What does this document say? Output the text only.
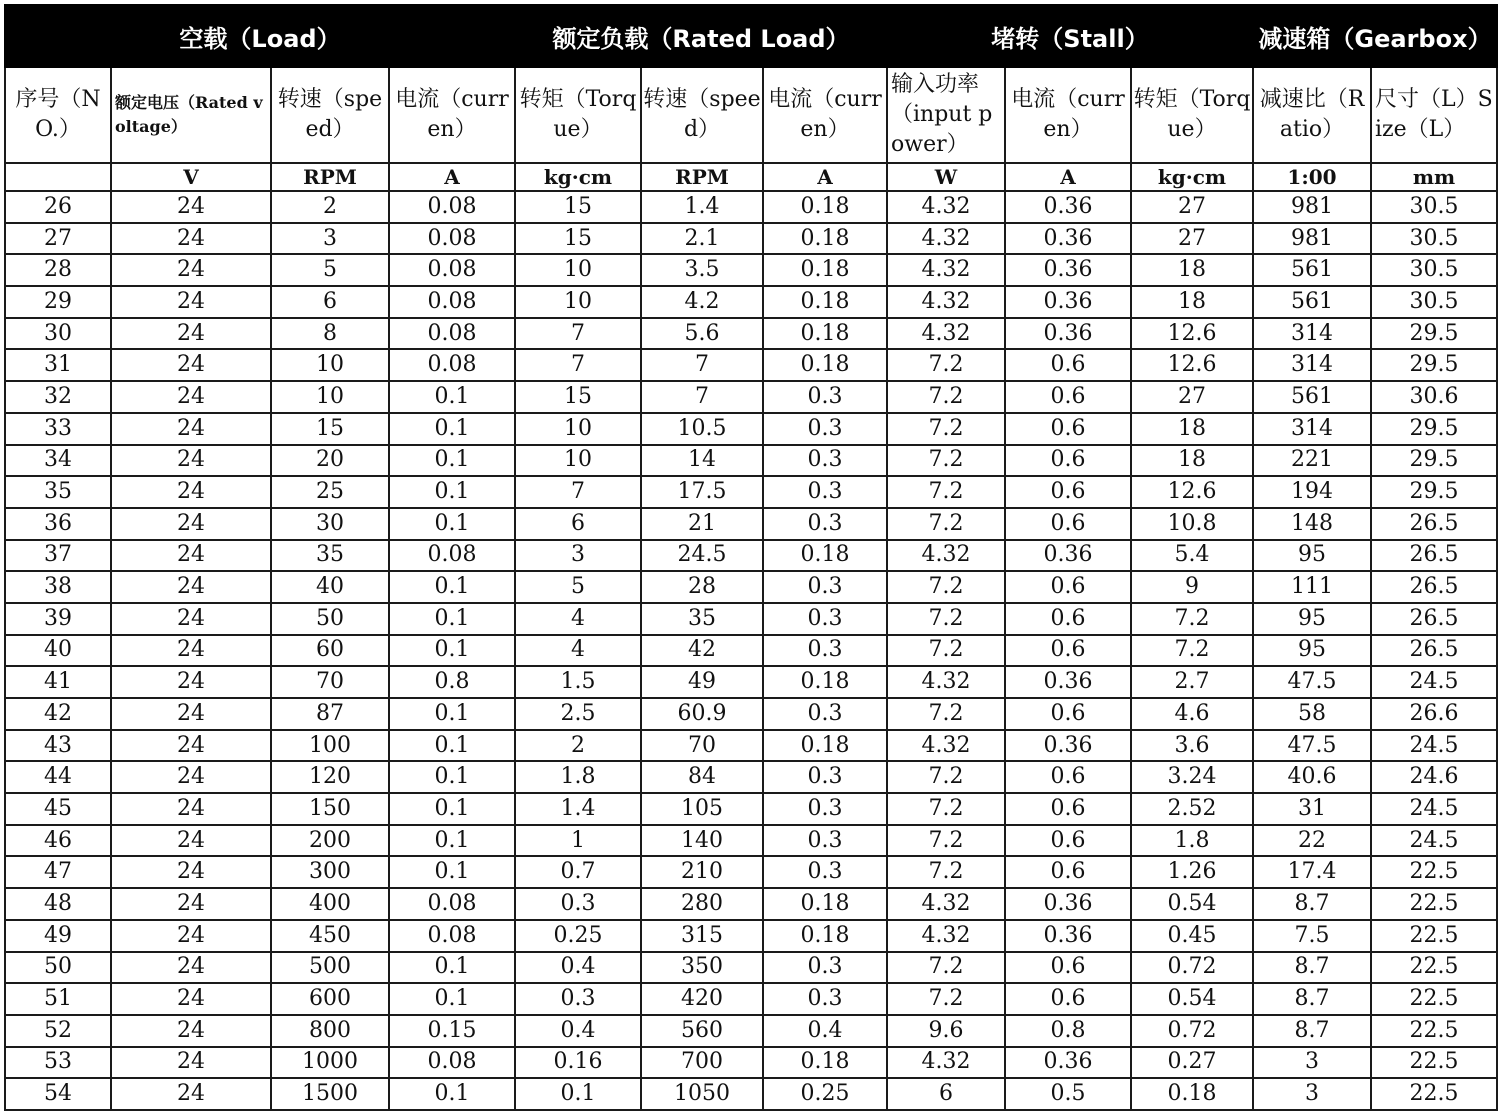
空载（Load）				额定负载（Rated Load）			堵转（Stall）			减速箱（Gearbox）	
序号（NO.）	额定电压（Rated voltage）	转速（speed）	电流（curren）	转矩（Torque）	转速（speed）	电流（curren）	输入功率（input power）	电流（curren）	转矩（Torque）	减速比（Ratio）	尺寸（L）Size（L）
	V	RPM	A	kg·cm	RPM	A	W	A	kg·cm	1:00	mm
26	24	2	0.08	15	1.4	0.18	4.32	0.36	27	981	30.5
27	24	3	0.08	15	2.1	0.18	4.32	0.36	27	981	30.5
28	24	5	0.08	10	3.5	0.18	4.32	0.36	18	561	30.5
29	24	6	0.08	10	4.2	0.18	4.32	0.36	18	561	30.5
30	24	8	0.08	7	5.6	0.18	4.32	0.36	12.6	314	29.5
31	24	10	0.08	7	7	0.18	7.2	0.6	12.6	314	29.5
32	24	10	0.1	15	7	0.3	7.2	0.6	27	561	30.6
33	24	15	0.1	10	10.5	0.3	7.2	0.6	18	314	29.5
34	24	20	0.1	10	14	0.3	7.2	0.6	18	221	29.5
35	24	25	0.1	7	17.5	0.3	7.2	0.6	12.6	194	29.5
36	24	30	0.1	6	21	0.3	7.2	0.6	10.8	148	26.5
37	24	35	0.08	3	24.5	0.18	4.32	0.36	5.4	95	26.5
38	24	40	0.1	5	28	0.3	7.2	0.6	9	111	26.5
39	24	50	0.1	4	35	0.3	7.2	0.6	7.2	95	26.5
40	24	60	0.1	4	42	0.3	7.2	0.6	7.2	95	26.5
41	24	70	0.8	1.5	49	0.18	4.32	0.36	2.7	47.5	24.5
42	24	87	0.1	2.5	60.9	0.3	7.2	0.6	4.6	58	26.6
43	24	100	0.1	2	70	0.18	4.32	0.36	3.6	47.5	24.5
44	24	120	0.1	1.8	84	0.3	7.2	0.6	3.24	40.6	24.6
45	24	150	0.1	1.4	105	0.3	7.2	0.6	2.52	31	24.5
46	24	200	0.1	1	140	0.3	7.2	0.6	1.8	22	24.5
47	24	300	0.1	0.7	210	0.3	7.2	0.6	1.26	17.4	22.5
48	24	400	0.08	0.3	280	0.18	4.32	0.36	0.54	8.7	22.5
49	24	450	0.08	0.25	315	0.18	4.32	0.36	0.45	7.5	22.5
50	24	500	0.1	0.4	350	0.3	7.2	0.6	0.72	8.7	22.5
51	24	600	0.1	0.3	420	0.3	7.2	0.6	0.54	8.7	22.5
52	24	800	0.15	0.4	560	0.4	9.6	0.8	0.72	8.7	22.5
53	24	1000	0.08	0.16	700	0.18	4.32	0.36	0.27	3	22.5
54	24	1500	0.1	0.1	1050	0.25	6	0.5	0.18	3	22.5
